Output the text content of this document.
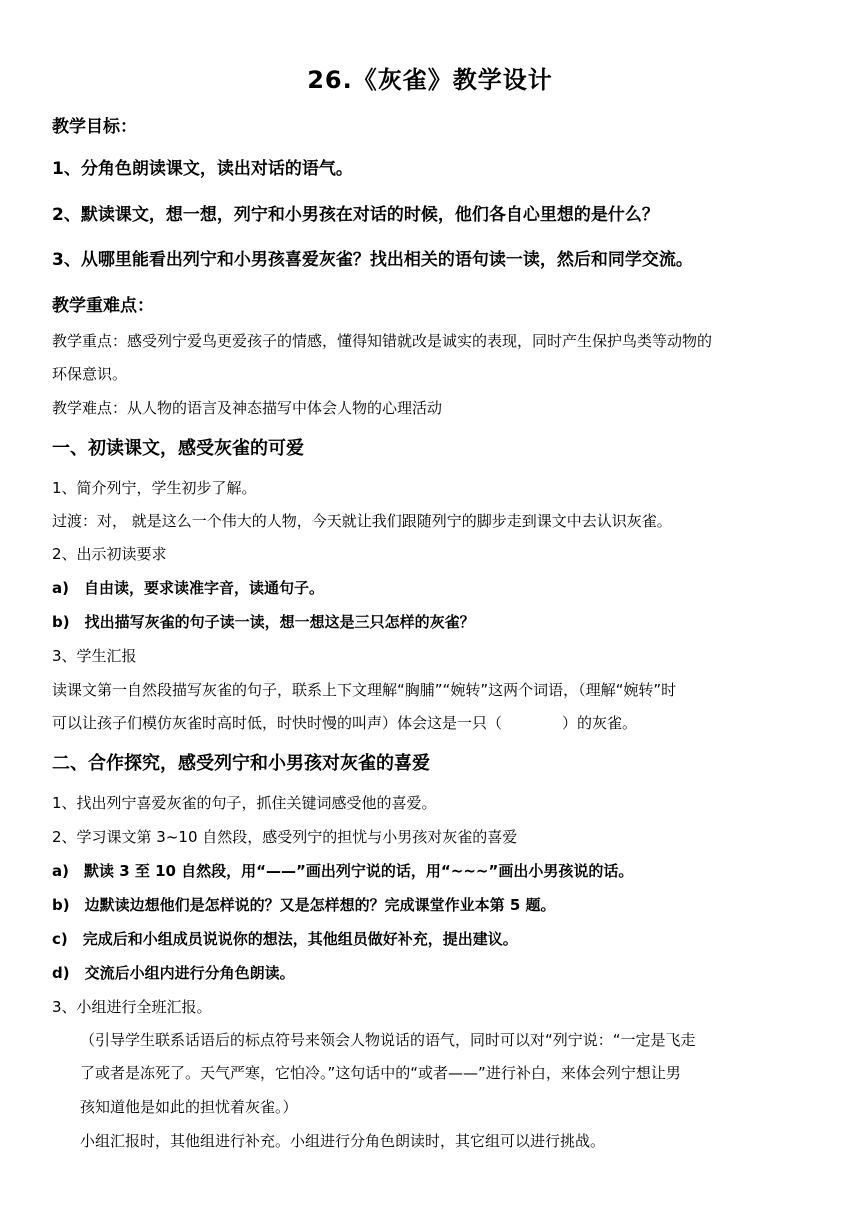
26.《灰雀》教学设计
教学目标：
1、分角色朗读课文，读出对话的语气。
2、默读课文，想一想，列宁和小男孩在对话的时候，他们各自心里想的是什么？
3、从哪里能看出列宁和小男孩喜爱灰雀？找出相关的语句读一读，然后和同学交流。
教学重难点：
教学重点：感受列宁爱鸟更爱孩子的情感，懂得知错就改是诚实的表现，同时产生保护鸟类等动物的
环保意识。
教学难点：从人物的语言及神态描写中体会人物的心理活动
一、初读课文，感受灰雀的可爱
1、简介列宁，学生初步了解。
过渡：对， 就是这么一个伟大的人物，今天就让我们跟随列宁的脚步走到课文中去认识灰雀。
2、出示初读要求
a)　自由读，要求读准字音，读通句子。
b)　找出描写灰雀的句子读一读，想一想这是三只怎样的灰雀？
3、学生汇报
读课文第一自然段描写灰雀的句子，联系上下文理解“胸脯”“婉转”这两个词语，（理解“婉转”时
可以让孩子们模仿灰雀时高时低，时快时慢的叫声）体会这是一只（　　　　）的灰雀。
二、合作探究，感受列宁和小男孩对灰雀的喜爱
1、找出列宁喜爱灰雀的句子，抓住关键词感受他的喜爱。
2、学习课文第 3~10 自然段，感受列宁的担忧与小男孩对灰雀的喜爱
a)　默读 3 至 10 自然段，用“——”画出列宁说的话，用“~~~”画出小男孩说的话。
b)　边默读边想他们是怎样说的？又是怎样想的？完成课堂作业本第 5 题。
c)　完成后和小组成员说说你的想法，其他组员做好补充，提出建议。
d)　交流后小组内进行分角色朗读。
3、小组进行全班汇报。
（引导学生联系话语后的标点符号来领会人物说话的语气，同时可以对“列宁说：“一定是飞走
了或者是冻死了。天气严寒，它怕冷。”这句话中的“或者——”进行补白，来体会列宁想让男
孩知道他是如此的担忧着灰雀。）
小组汇报时，其他组进行补充。小组进行分角色朗读时，其它组可以进行挑战。
